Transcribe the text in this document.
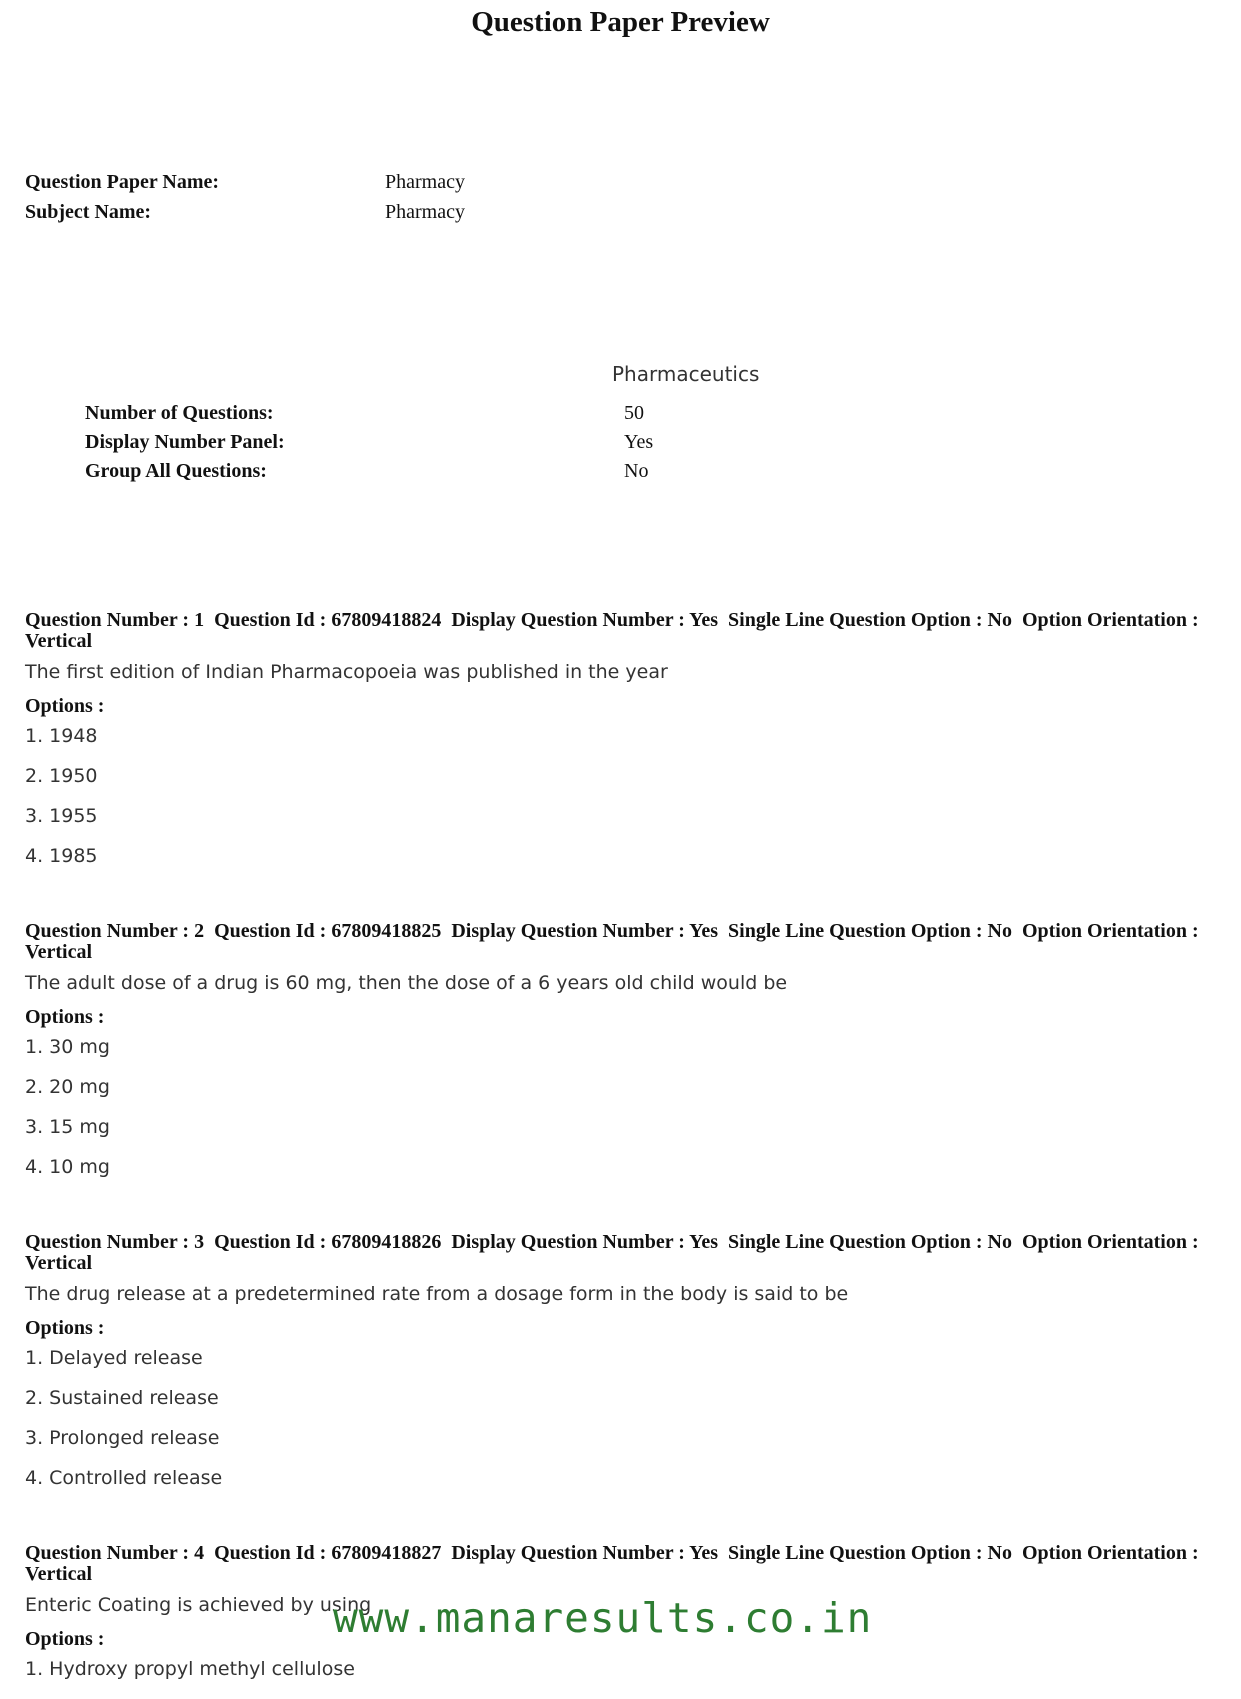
Question Paper Preview
Question Paper Name:	Pharmacy
Subject Name:	Pharmacy
Pharmaceutics
Number of Questions:	50
Display Number Panel:	Yes
Group All Questions:	No

Question Number : 1  Question Id : 67809418824  Display Question Number : Yes  Single Line Question Option : No  Option Orientation : Vertical

The first edition of Indian Pharmacopoeia was published in the year
Options :
1. 1948
2. 1950
3. 1955
4. 1985

Question Number : 2  Question Id : 67809418825  Display Question Number : Yes  Single Line Question Option : No  Option Orientation : Vertical

The adult dose of a drug is 60 mg, then the dose of a 6 years old child would be
Options :
1. 30 mg
2. 20 mg
3. 15 mg
4. 10 mg

Question Number : 3  Question Id : 67809418826  Display Question Number : Yes  Single Line Question Option : No  Option Orientation : Vertical

The drug release at a predetermined rate from a dosage form in the body is said to be
Options :
1. Delayed release
2. Sustained release
3. Prolonged release
4. Controlled release

Question Number : 4  Question Id : 67809418827  Display Question Number : Yes  Single Line Question Option : No  Option Orientation : Vertical

Enteric Coating is achieved by using
Options :
1. Hydroxy propyl methyl cellulose
www.manaresults.co.in
